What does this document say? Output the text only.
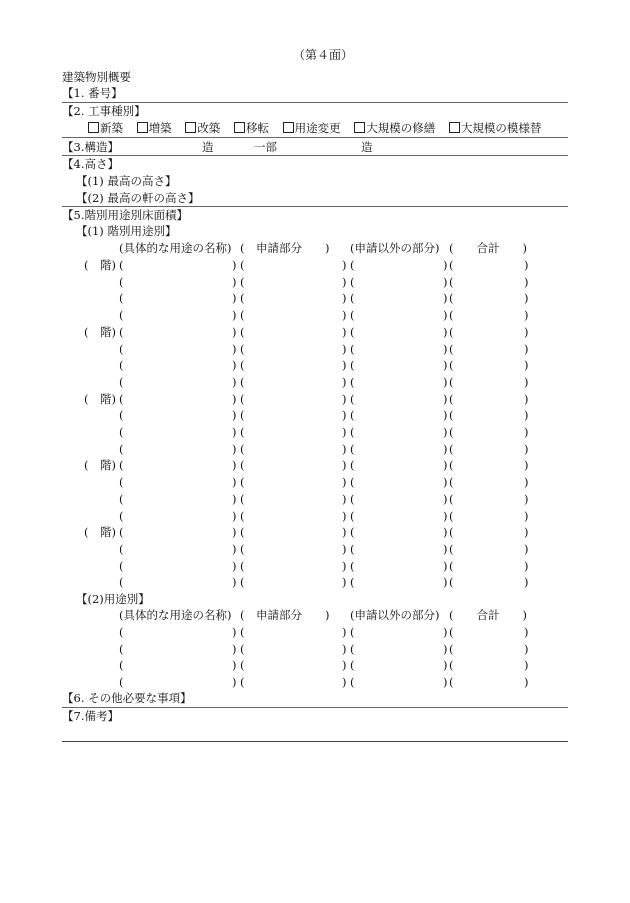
（第４面）
建築物別概要
【1. 番号】
【2. 工事種別】
新築 増築 改築 移転 用途変更 大規模の修繕 大規模の模様替
【3.構造】	造	一部	造
【4.高さ】
【(1) 最高の高さ】
【(2) 最高の軒の高さ】
【5.階別用途別床面積】
【(1) 階別用途別】
(具体的な用途の名称) (　申請部分　　) (申請以外の部分) (　　合計　　)
(　階) (	) (	) (	) (	)
(	) (	) (	) (	)
(	) (	) (	) (	)
(	) (	) (	) (	)
(　階) (	) (	) (	) (	)
(	) (	) (	) (	)
(	) (	) (	) (	)
(	) (	) (	) (	)
(　階) (	) (	) (	) (	)
(	) (	) (	) (	)
(	) (	) (	) (	)
(	) (	) (	) (	)
(　階) (	) (	) (	) (	)
(	) (	) (	) (	)
(	) (	) (	) (	)
(	) (	) (	) (	)
(　階) (	) (	) (	) (	)
(	) (	) (	) (	)
(	) (	) (	) (	)
(	) (	) (	) (	)
【(2)用途別】
(具体的な用途の名称) (　申請部分　　) (申請以外の部分) (　　合計　　)
(	) (	) (	) (	)
(	) (	) (	) (	)
(	) (	) (	) (	)
(	) (	) (	) (	)
【6. その他必要な事項】
【7.備考】
